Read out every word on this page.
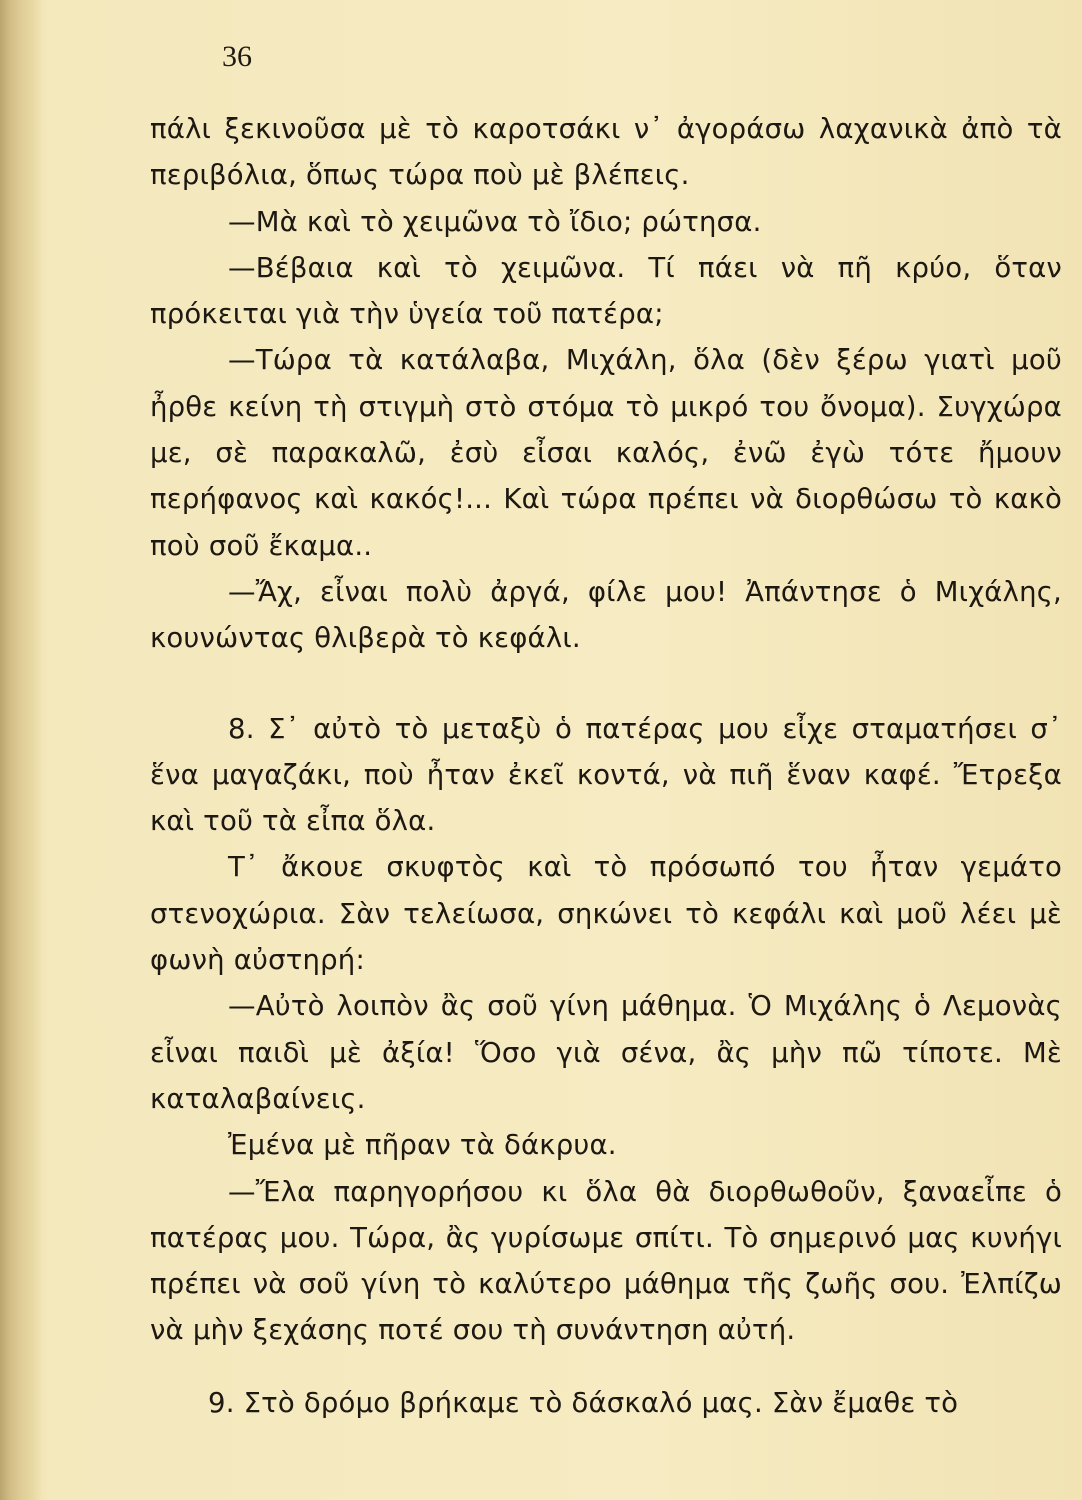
36

πάλι ξεκινοῦσα μὲ τὸ καροτσάκι ν᾽ ἀγοράσω λαχανικὰ ἀπὸ τὰ περιβόλια, ὅπως τώρα ποὺ μὲ βλέπεις.

—Μὰ καὶ τὸ χειμῶνα τὸ ἴδιο; ρώτησα.

—Βέβαια καὶ τὸ χειμῶνα. Τί πάει νὰ πῆ κρύο, ὅταν πρόκειται γιὰ τὴν ὑγεία τοῦ πατέρα;

—Τώρα τὰ κατάλαβα, Μιχάλη, ὅλα (δὲν ξέρω γιατὶ μοῦ ἦρθε κείνη τὴ στιγμὴ στὸ στόμα τὸ μικρό του ὄνομα). Συγχώρα με, σὲ παρακαλῶ, ἐσὺ εἶσαι καλός, ἐνῶ ἐγὼ τότε ἤμουν περήφανος καὶ κακός!... Καὶ τώρα πρέπει νὰ διορθώσω τὸ κακὸ ποὺ σοῦ ἔκαμα..

—Ἄχ, εἶναι πολὺ ἀργά, φίλε μου! Ἀπάντησε ὁ Μιχάλης, κουνώντας θλιβερὰ τὸ κεφάλι.

8. Σ᾽ αὐτὸ τὸ μεταξὺ ὁ πατέρας μου εἶχε σταματήσει σ᾽ ἕνα μαγαζάκι, ποὺ ἦταν ἐκεῖ κοντά, νὰ πιῆ ἕναν καφέ. Ἔτρεξα καὶ τοῦ τὰ εἶπα ὅλα.

Τ᾽ ἄκουε σκυφτὸς καὶ τὸ πρόσωπό του ἦταν γεμάτο στενοχώρια. Σὰν τελείωσα, σηκώνει τὸ κεφάλι καὶ μοῦ λέει μὲ φωνὴ αὐστηρή:

—Αὐτὸ λοιπὸν ἂς σοῦ γίνη μάθημα. Ὁ Μιχάλης ὁ Λεμονὰς εἶναι παιδὶ μὲ ἀξία! Ὅσο γιὰ σένα, ἂς μὴν πῶ τίποτε. Μὲ καταλαβαίνεις.

Ἐμένα μὲ πῆραν τὰ δάκρυα.

—Ἔλα παρηγορήσου κι ὅλα θὰ διορθωθοῦν, ξαναεἶπε ὁ πατέρας μου. Τώρα, ἂς γυρίσωμε σπίτι. Τὸ σημερινό μας κυνήγι πρέπει νὰ σοῦ γίνη τὸ καλύτερο μάθημα τῆς ζωῆς σου. Ἐλπίζω νὰ μὴν ξεχάσης ποτέ σου τὴ συνάντηση αὐτή.

9. Στὸ δρόμο βρήκαμε τὸ δάσκαλό μας. Σὰν ἔμαθε τὸ
